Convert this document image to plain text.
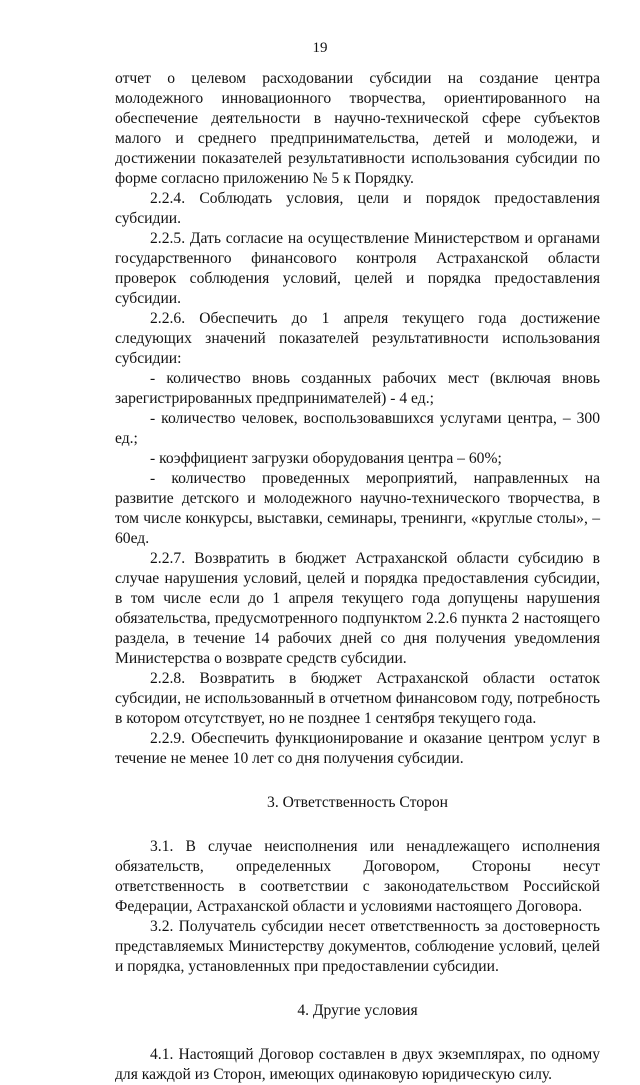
19

отчет о целевом расходовании субсидии на создание центра молодежного инновационного творчества, ориентированного на обеспечение деятельности в научно-технической сфере субъектов малого и среднего предпринимательства, детей и молодежи, и достижении показателей результативности использования субсидии по форме согласно приложению № 5 к Порядку.

2.2.4. Соблюдать условия, цели и порядок предоставления субсидии.

2.2.5. Дать согласие на осуществление Министерством и органами государственного финансового контроля Астраханской области проверок соблюдения условий, целей и порядка предоставления субсидии.

2.2.6. Обеспечить до 1 апреля текущего года достижение следующих значений показателей результативности использования субсидии:

- количество вновь созданных рабочих мест (включая вновь зарегистрированных предпринимателей) - 4 ед.;

- количество человек, воспользовавшихся услугами центра, – 300 ед.;

- коэффициент загрузки оборудования центра – 60%;

- количество проведенных мероприятий, направленных на развитие детского и молодежного научно-технического творчества, в том числе конкурсы, выставки, семинары, тренинги, «круглые столы», – 60ед.

2.2.7. Возвратить в бюджет Астраханской области субсидию в случае нарушения условий, целей и порядка предоставления субсидии, в том числе если до 1 апреля текущего года допущены нарушения обязательства, предусмотренного подпунктом 2.2.6 пункта 2 настоящего раздела, в течение 14 рабочих дней со дня получения уведомления Министерства о возврате средств субсидии.

2.2.8. Возвратить в бюджет Астраханской области остаток субсидии, не использованный в отчетном финансовом году, потребность в котором отсутствует, но не позднее 1 сентября текущего года.

2.2.9. Обеспечить функционирование и оказание центром услуг в течение не менее 10 лет со дня получения субсидии.

3. Ответственность Сторон

3.1. В случае неисполнения или ненадлежащего исполнения обязательств, определенных Договором, Стороны несут ответственность в соответствии с законодательством Российской Федерации, Астраханской области и условиями настоящего Договора.

3.2. Получатель субсидии несет ответственность за достоверность представляемых Министерству документов, соблюдение условий, целей и порядка, установленных при предоставлении субсидии.

4. Другие условия

4.1. Настоящий Договор составлен в двух экземплярах, по одному для каждой из Сторон, имеющих одинаковую юридическую силу.
